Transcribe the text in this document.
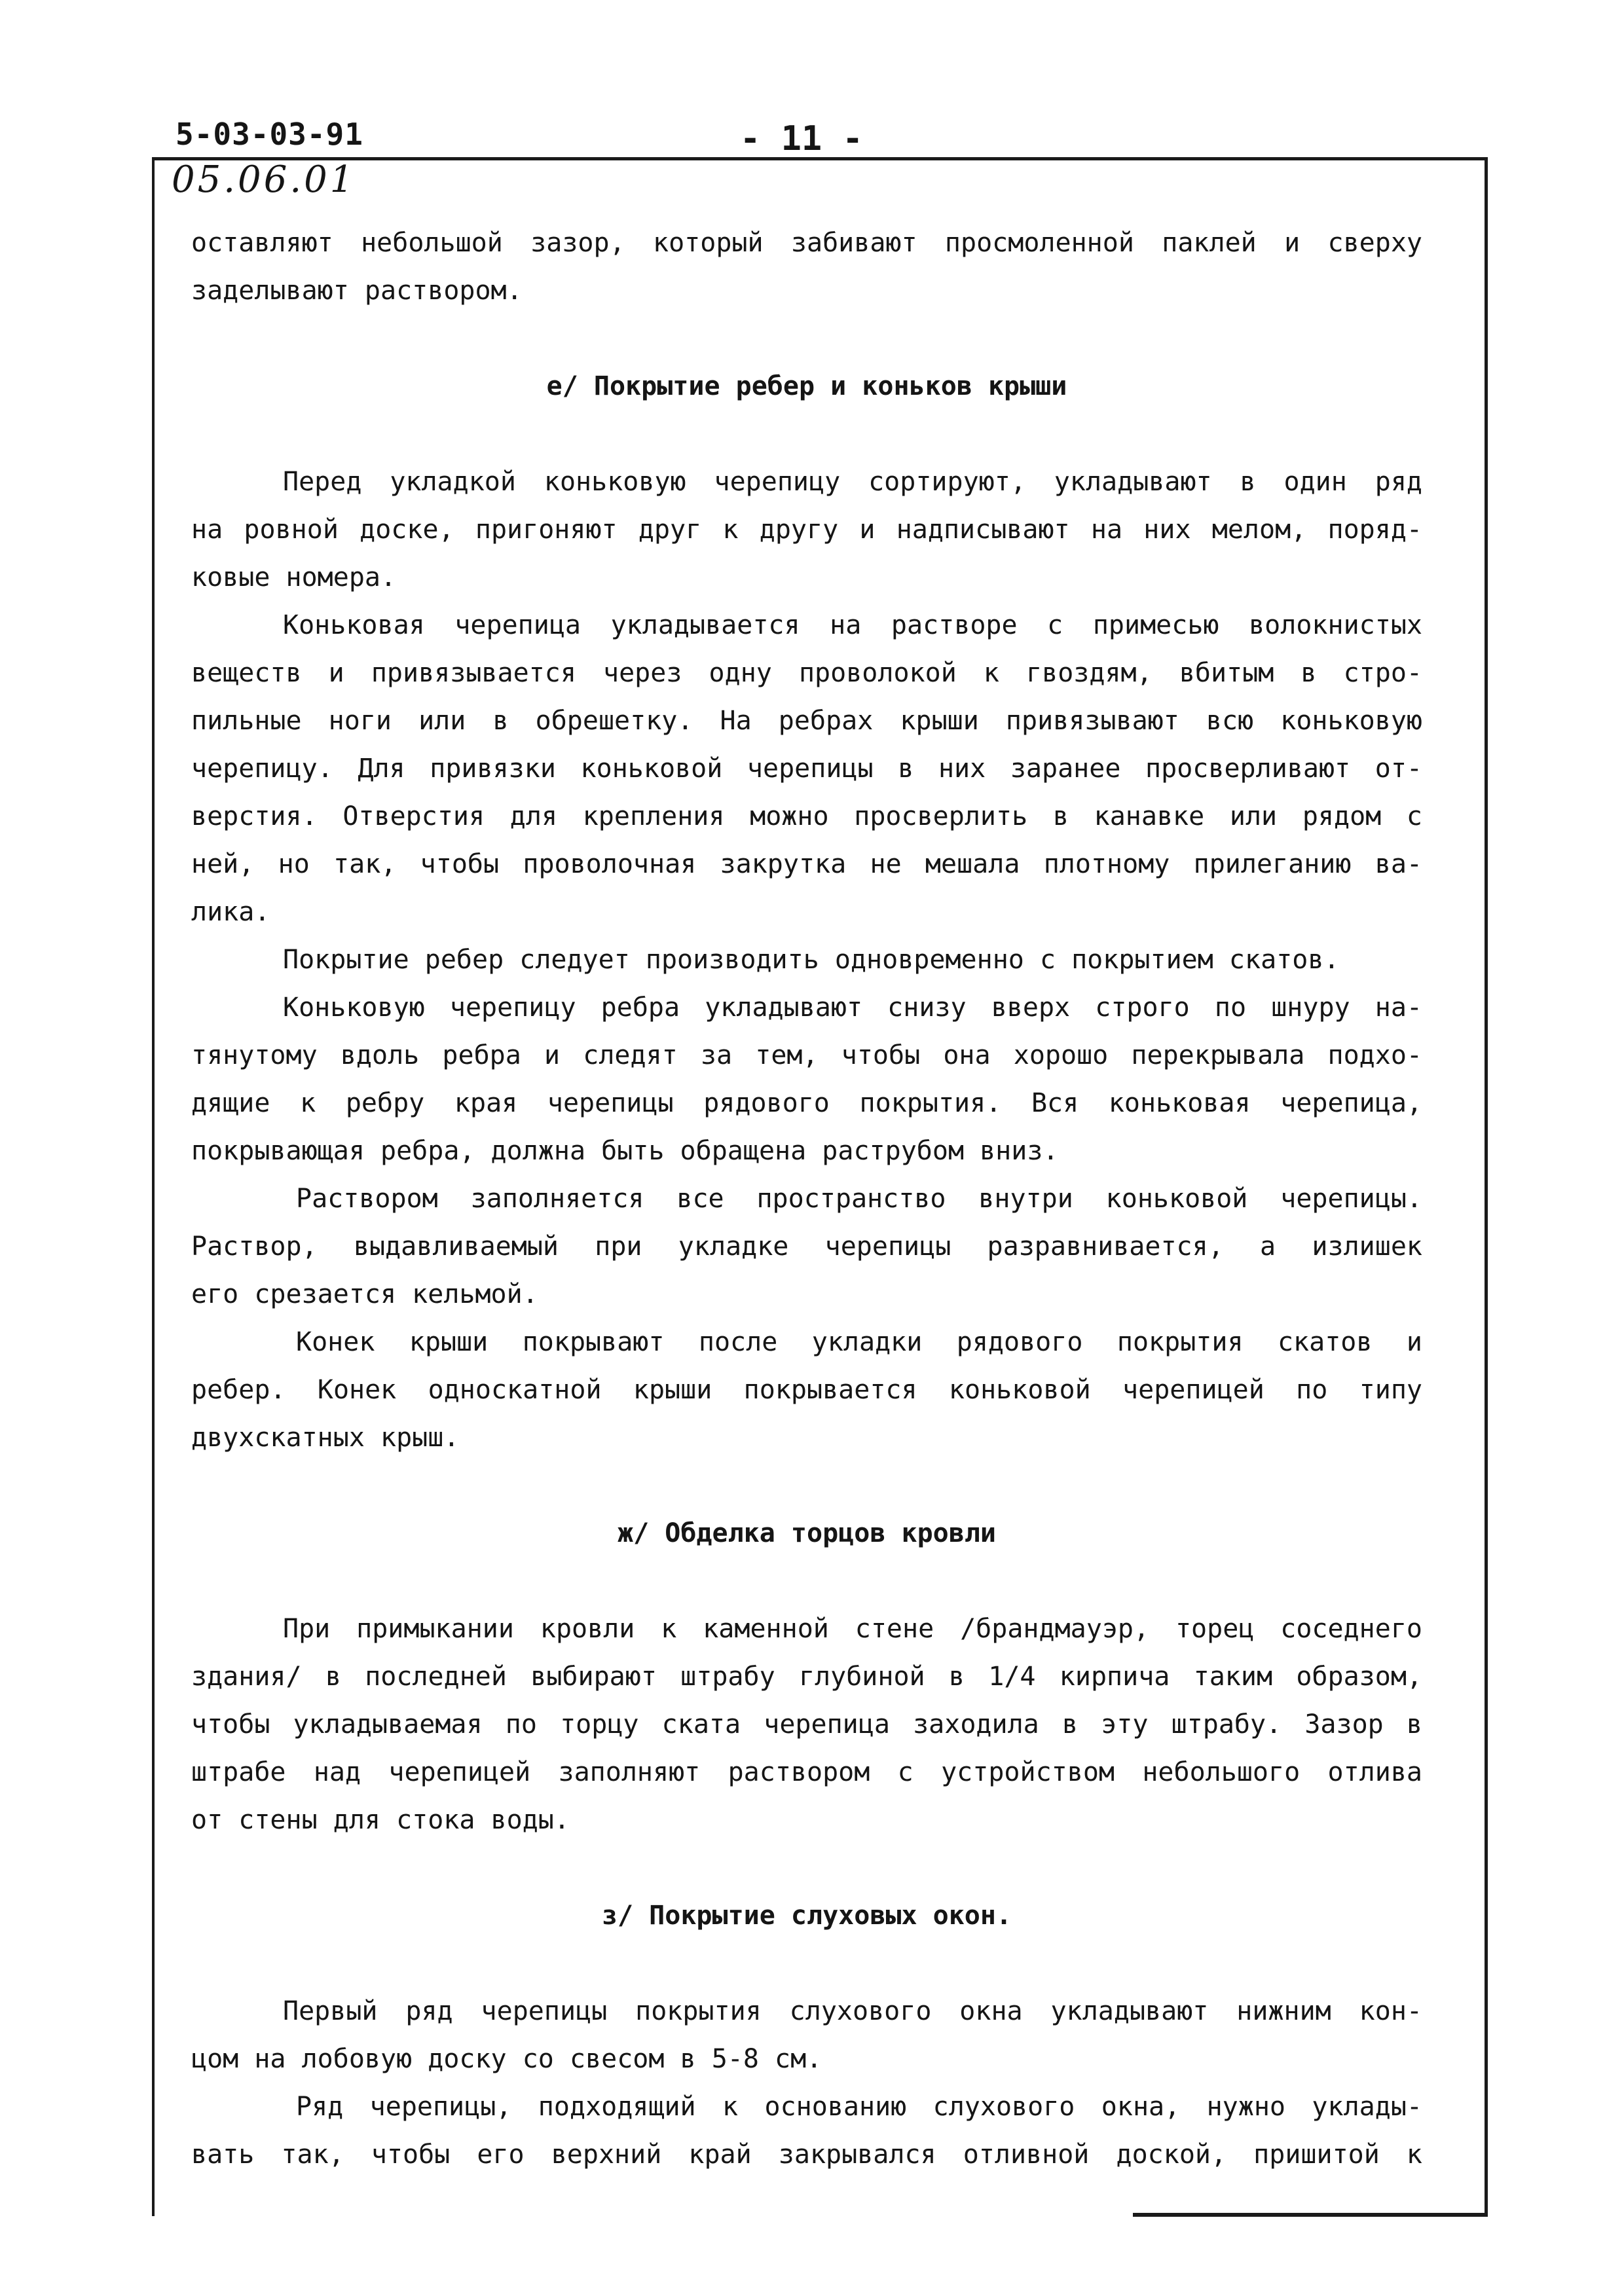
5-03-03-91	- 11 -
05.06.01
оставляют небольшой зазор, который забивают просмоленной паклей и сверху
заделывают раствором.
е/ Покрытие ребер и коньков крыши
Перед укладкой коньковую черепицу сортируют, укладывают в один ряд
на ровной доске, пригоняют друг к другу и надписывают на них мелом, поряд-
ковые номера.
Коньковая черепица укладывается на растворе с примесью волокнистых
веществ и привязывается через одну проволокой к гвоздям, вбитым в стро-
пильные ноги или в обрешетку. На ребрах крыши привязывают всю коньковую
черепицу. Для привязки коньковой черепицы в них заранее просверливают от-
верстия. Отверстия для крепления можно просверлить в канавке или рядом с
ней, но так, чтобы проволочная закрутка не мешала плотному прилеганию ва-
лика.
Покрытие ребер следует производить одновременно с покрытием скатов.
Коньковую черепицу ребра укладывают снизу вверх строго по шнуру на-
тянутому вдоль ребра и следят за тем, чтобы она хорошо перекрывала подхо-
дящие к ребру края черепицы рядового покрытия. Вся коньковая черепица,
покрывающая ребра, должна быть обращена раструбом вниз.
Раствором заполняется все пространство внутри коньковой черепицы.
Раствор, выдавливаемый при укладке черепицы разравнивается, а излишек
его срезается кельмой.
Конек крыши покрывают после укладки рядового покрытия скатов и
ребер. Конек односкатной крыши покрывается коньковой черепицей по типу
двухскатных крыш.
ж/ Обделка торцов кровли
При примыкании кровли к каменной стене /брандмауэр, торец соседнего
здания/ в последней выбирают штрабу глубиной в 1/4 кирпича таким образом,
чтобы укладываемая по торцу ската черепица заходила в эту штрабу. Зазор в
штрабе над черепицей заполняют раствором с устройством небольшого отлива
от стены для стока воды.
з/ Покрытие слуховых окон.
Первый ряд черепицы покрытия слухового окна укладывают нижним кон-
цом на лобовую доску со свесом в 5-8 см.
Ряд черепицы, подходящий к основанию слухового окна, нужно уклады-
вать так, чтобы его верхний край закрывался отливной доской, пришитой к
